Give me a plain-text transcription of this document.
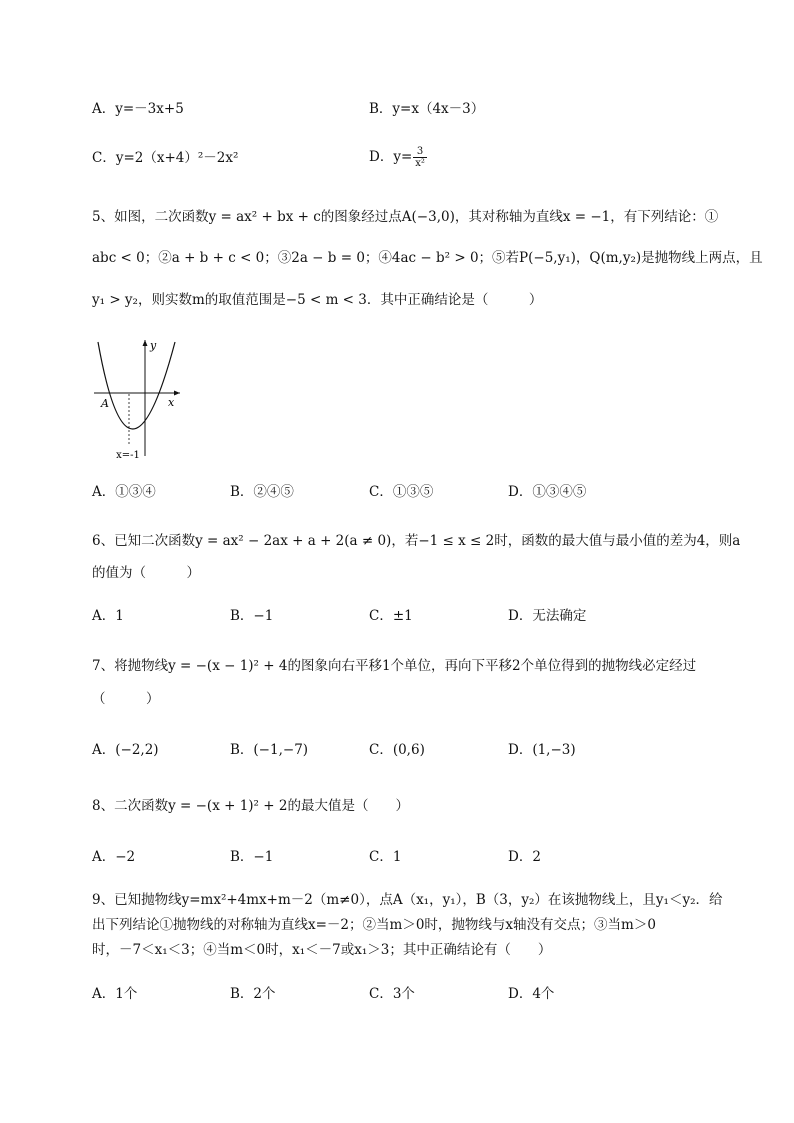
A．y=－3x+5	B．y=x（4x－3）
C．y=2（x+4）²－2x²	D．$y= \frac{3}{\text{x²}}$
5、如图，二次函数y = ax² + bx + c的图象经过点A(−3,0)，其对称轴为直线x = −1，有下列结论：①
abc < 0；②a + b + c < 0；③2a − b = 0；④4ac − b² > 0；⑤若P(−5,y₁)，Q(m,y₂)是抛物线上两点，且
y₁ > y₂，则实数m的取值范围是−5 < m < 3．其中正确结论是（　　　）
y
x
A
x=-1
A．①③④	B．②④⑤	C．①③⑤	D．①③④⑤
6、已知二次函数y = ax² − 2ax + a + 2(a ≠ 0)，若−1 ≤ x ≤ 2时，函数的最大值与最小值的差为4，则a
的值为（　　　）
A．1	B．−1	C．±1	D．无法确定
7、将抛物线y = −(x − 1)² + 4的图象向右平移1个单位，再向下平移2个单位得到的抛物线必定经过
（　　　）
A．(−2,2)	B．(−1,−7)	C．(0,6)	D．(1,−3)
8、二次函数y = −(x + 1)² + 2的最大值是（　　）
A．−2	B．−1	C．1	D．2
9、已知抛物线y=mx²+4mx+m－2（m≠0），点A（x₁，y₁），B（3，y₂）在该抛物线上，且y₁＜y₂．给
出下列结论①抛物线的对称轴为直线x=－2；②当m＞0时，抛物线与x轴没有交点；③当m＞0
时，－7＜x₁＜3；④当m＜0时，x₁＜－7或x₁＞3；其中正确结论有（　　）
A．1个	B．2个	C．3个	D．4个
